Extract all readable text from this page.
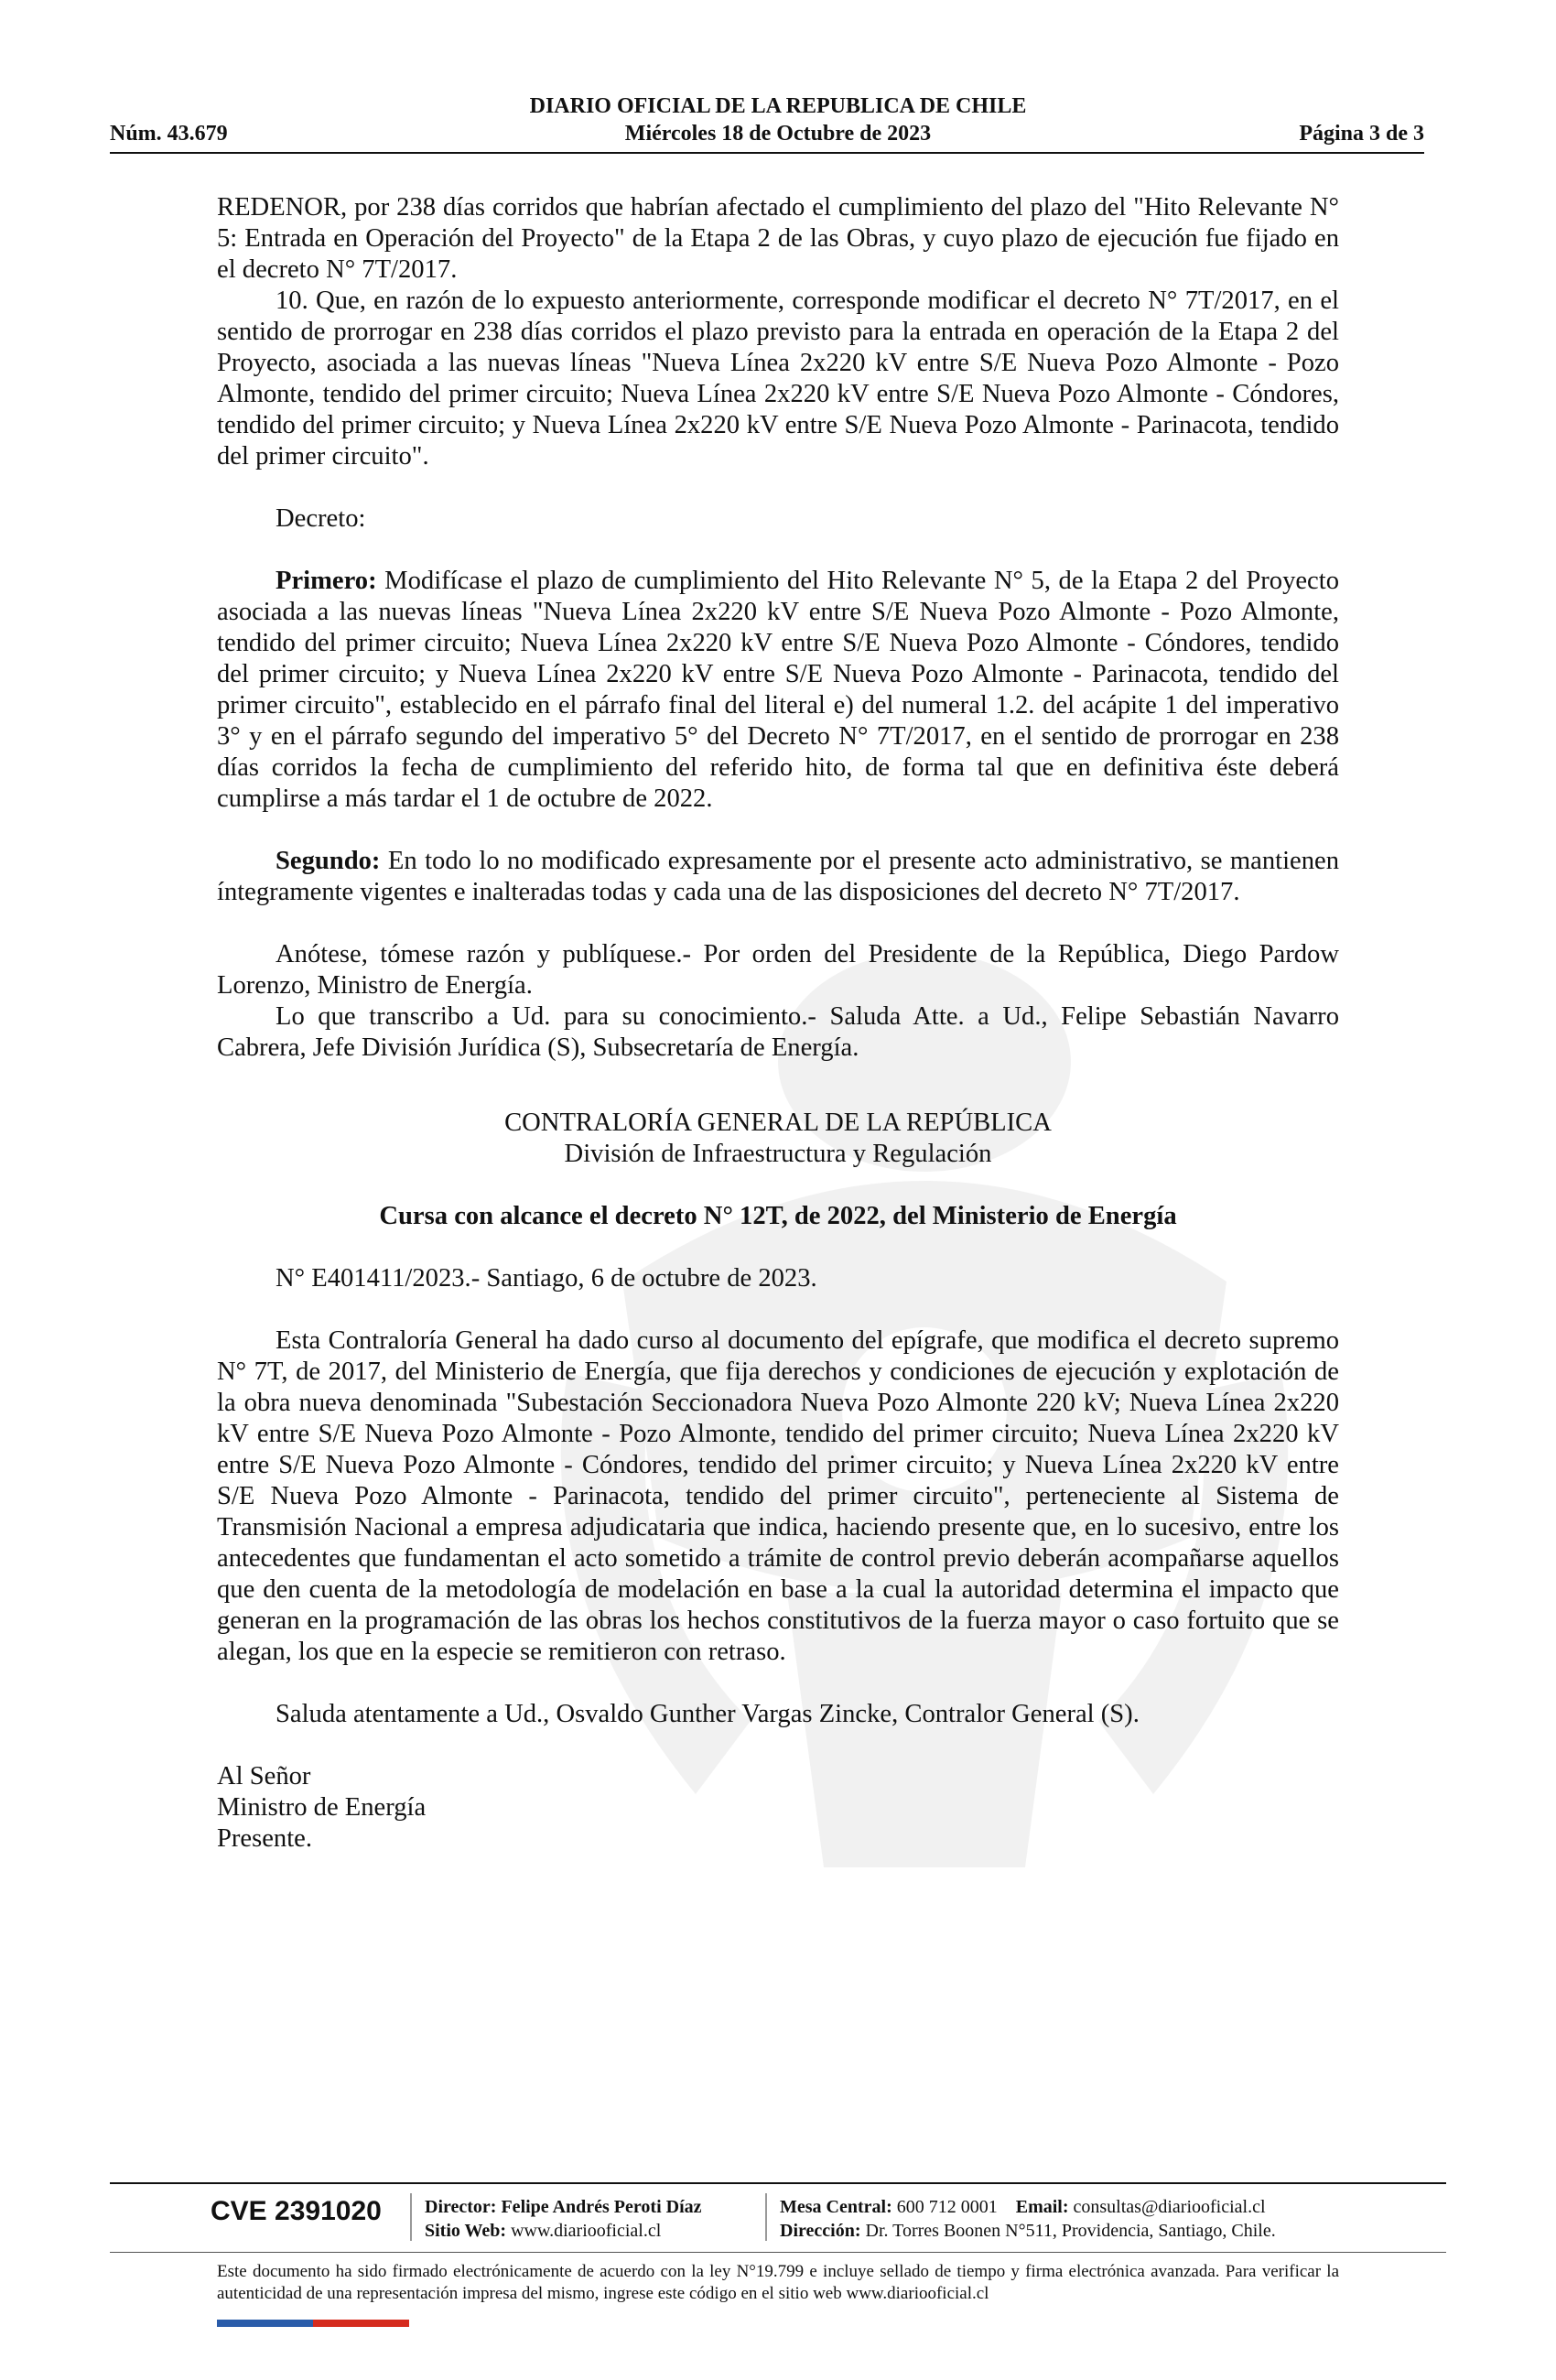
DIARIO OFICIAL DE LA REPUBLICA DE CHILE
Núm. 43.679	Miércoles 18 de Octubre de 2023	Página 3 de 3

REDENOR, por 238 días corridos que habrían afectado el cumplimiento del plazo del "Hito Relevante N° 5: Entrada en Operación del Proyecto" de la Etapa 2 de las Obras, y cuyo plazo de ejecución fue fijado en el decreto N° 7T/2017.

10. Que, en razón de lo expuesto anteriormente, corresponde modificar el decreto N° 7T/2017, en el sentido de prorrogar en 238 días corridos el plazo previsto para la entrada en operación de la Etapa 2 del Proyecto, asociada a las nuevas líneas "Nueva Línea 2x220 kV entre S/E Nueva Pozo Almonte - Pozo Almonte, tendido del primer circuito; Nueva Línea 2x220 kV entre S/E Nueva Pozo Almonte - Cóndores, tendido del primer circuito; y Nueva Línea 2x220 kV entre S/E Nueva Pozo Almonte - Parinacota, tendido del primer circuito".

Decreto:

Primero: Modifícase el plazo de cumplimiento del Hito Relevante N° 5, de la Etapa 2 del Proyecto asociada a las nuevas líneas "Nueva Línea 2x220 kV entre S/E Nueva Pozo Almonte - Pozo Almonte, tendido del primer circuito; Nueva Línea 2x220 kV entre S/E Nueva Pozo Almonte - Cóndores, tendido del primer circuito; y Nueva Línea 2x220 kV entre S/E Nueva Pozo Almonte - Parinacota, tendido del primer circuito", establecido en el párrafo final del literal e) del numeral 1.2. del acápite 1 del imperativo 3° y en el párrafo segundo del imperativo 5° del Decreto N° 7T/2017, en el sentido de prorrogar en 238 días corridos la fecha de cumplimiento del referido hito, de forma tal que en definitiva éste deberá cumplirse a más tardar el 1 de octubre de 2022.

Segundo: En todo lo no modificado expresamente por el presente acto administrativo, se mantienen íntegramente vigentes e inalteradas todas y cada una de las disposiciones del decreto N° 7T/2017.

Anótese, tómese razón y publíquese.- Por orden del Presidente de la República, Diego Pardow Lorenzo, Ministro de Energía.

Lo que transcribo a Ud. para su conocimiento.- Saluda Atte. a Ud., Felipe Sebastián Navarro Cabrera, Jefe División Jurídica (S), Subsecretaría de Energía.

CONTRALORÍA GENERAL DE LA REPÚBLICA

División de Infraestructura y Regulación

Cursa con alcance el decreto N° 12T, de 2022, del Ministerio de Energía

N° E401411/2023.- Santiago, 6 de octubre de 2023.

Esta Contraloría General ha dado curso al documento del epígrafe, que modifica el decreto supremo N° 7T, de 2017, del Ministerio de Energía, que fija derechos y condiciones de ejecución y explotación de la obra nueva denominada "Subestación Seccionadora Nueva Pozo Almonte 220 kV; Nueva Línea 2x220 kV entre S/E Nueva Pozo Almonte - Pozo Almonte, tendido del primer circuito; Nueva Línea 2x220 kV entre S/E Nueva Pozo Almonte - Cóndores, tendido del primer circuito; y Nueva Línea 2x220 kV entre S/E Nueva Pozo Almonte - Parinacota, tendido del primer circuito", perteneciente al Sistema de Transmisión Nacional a empresa adjudicataria que indica, haciendo presente que, en lo sucesivo, entre los antecedentes que fundamentan el acto sometido a trámite de control previo deberán acompañarse aquellos que den cuenta de la metodología de modelación en base a la cual la autoridad determina el impacto que generan en la programación de las obras los hechos constitutivos de la fuerza mayor o caso fortuito que se alegan, los que en la especie se remitieron con retraso.

Saluda atentamente a Ud., Osvaldo Gunther Vargas Zincke, Contralor General (S).

Al Señor

Ministro de Energía

Presente.

CVE 2391020 Director: Felipe Andrés Peroti Díaz
Sitio Web: www.diariooficial.cl
Mesa Central: 600 712 0001 Email: consultas@diariooficial.cl
Dirección: Dr. Torres Boonen N°511, Providencia, Santiago, Chile.
Este documento ha sido firmado electrónicamente de acuerdo con la ley N°19.799 e incluye sellado de tiempo y firma electrónica avanzada. Para verificar la autenticidad de una representación impresa del mismo, ingrese este código en el sitio web www.diariooficial.cl
